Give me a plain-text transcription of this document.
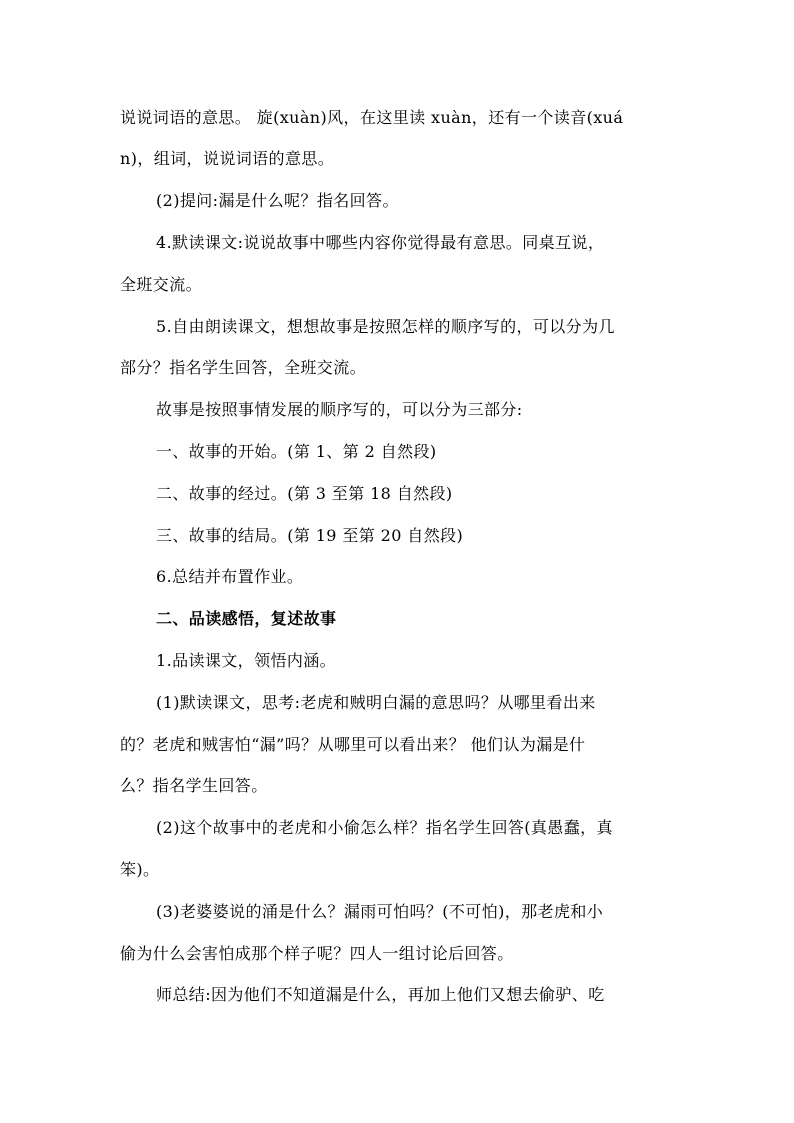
说说词语的意思。 旋(xuàn)风，在这里读 xuàn，还有一个读音(xuá
n)，组词，说说词语的意思。
(2)提问:漏是什么呢？指名回答。
4.默读课文:说说故事中哪些内容你觉得最有意思。同桌互说，
全班交流。
5.自由朗读课文，想想故事是按照怎样的顺序写的，可以分为几
部分？指名学生回答，全班交流。
故事是按照事情发展的顺序写的，可以分为三部分:
一、故事的开始。(第 1、第 2 自然段)
二、故事的经过。(第 3 至第 18 自然段)
三、故事的结局。(第 19 至第 20 自然段)
6.总结并布置作业。
二、品读感悟，复述故事
1.品读课文，领悟内涵。
(1)默读课文，思考:老虎和贼明白漏的意思吗？从哪里看出来
的？老虎和贼害怕“漏”吗？从哪里可以看出来？ 他们认为漏是什
么？指名学生回答。
(2)这个故事中的老虎和小偷怎么样？指名学生回答(真愚蠢，真
笨)。
(3)老婆婆说的涌是什么？漏雨可怕吗？(不可怕)，那老虎和小
偷为什么会害怕成那个样子呢？四人一组讨论后回答。
师总结:因为他们不知道漏是什么，再加上他们又想去偷驴、吃
